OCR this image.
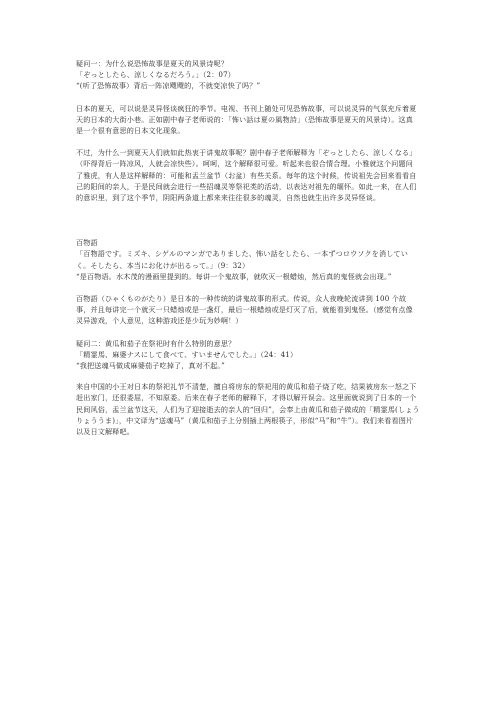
疑问一：为什么说恐怖故事是夏天的风景诗呢？

「ぞっとしたら、涼しくなるだろう。」（2：07）

“(听了恐怖故事）背后一阵凉飕飕的，不就变凉快了吗？”

日本的夏天，可以说是灵异怪谈疯狂的季节。电视、书刊上随处可见恐怖故事，可以说灵异的气氛充斥着夏天的日本的大街小巷。正如剧中春子老师说的：「怖い話は夏の風物詩」（恐怖故事是夏天的风景诗）。这真是一个很有意思的日本文化现象。

不过，为什么一到夏天人们就如此热衷于讲鬼故事呢？剧中春子老师解释为「ぞっとしたら、涼しくなる」（吓得背后一阵凉风，人就会凉快些）。呵呵，这个解释很可爱。听起来也很合情合理。小雅就这个问题问了雅虎，有人是这样解释的：可能和盂兰盆节（お盆）有些关系。每年的这个时候，传说祖先会回来看看自己的阳间的亲人，于是民间就会进行一些招魂灵等祭祀类的活动，以表达对祖先的缅怀。如此一来，在人们的意识里，到了这个季节，阴阳两条道上都来来往往很多的魂灵，自然也就生出许多灵异怪谈。

百物語

「百物語です。ミズキ、シゲルのマンガでありました、怖い話をしたら、一本ずつロウソクを消していく。そしたら、本当にお化けが出るって。」（9：32）

“是百物语。水木茂的漫画里提到的。每讲一个鬼故事，就吹灭一根蜡烛，然后真的鬼怪就会出现。”

百物語（ひゃくものがたり）是日本的一种传统的讲鬼故事的形式。传说，众人夜晚轮流讲到 100 个故事，并且每讲完一个就灭一只蜡烛或是一盏灯，最后一根蜡烛或是灯灭了后，就能看到鬼怪。（感觉有点像灵异游戏，个人意见，这种游戏还是少玩为妙啊！）

疑问二：黄瓜和茄子在祭祀时有什么特别的意思？

「精霊馬、麻婆ナスにして食べて、すいませんでした。」（24：41）

“我把送魂马做成麻婆茄子吃掉了，真对不起。”

来自中国的小王对日本的祭祀礼节不清楚，擅自将房东的祭祀用的黄瓜和茄子烧了吃，结果被房东一怒之下赶出家门，还很委屈，不知原委。后来在春子老师的解释下，才得以解开误会。这里面就说到了日本的一个民间风俗，盂兰盆节这天，人们为了迎接逝去的亲人的“回归”，会奉上由黄瓜和茄子做成的「精霊馬(しょうりょううま)」，中文译为“送魂马”（黄瓜和茄子上分别插上两根筷子，形似“马”和“牛”）。我们来看看图片以及日文解释吧。
